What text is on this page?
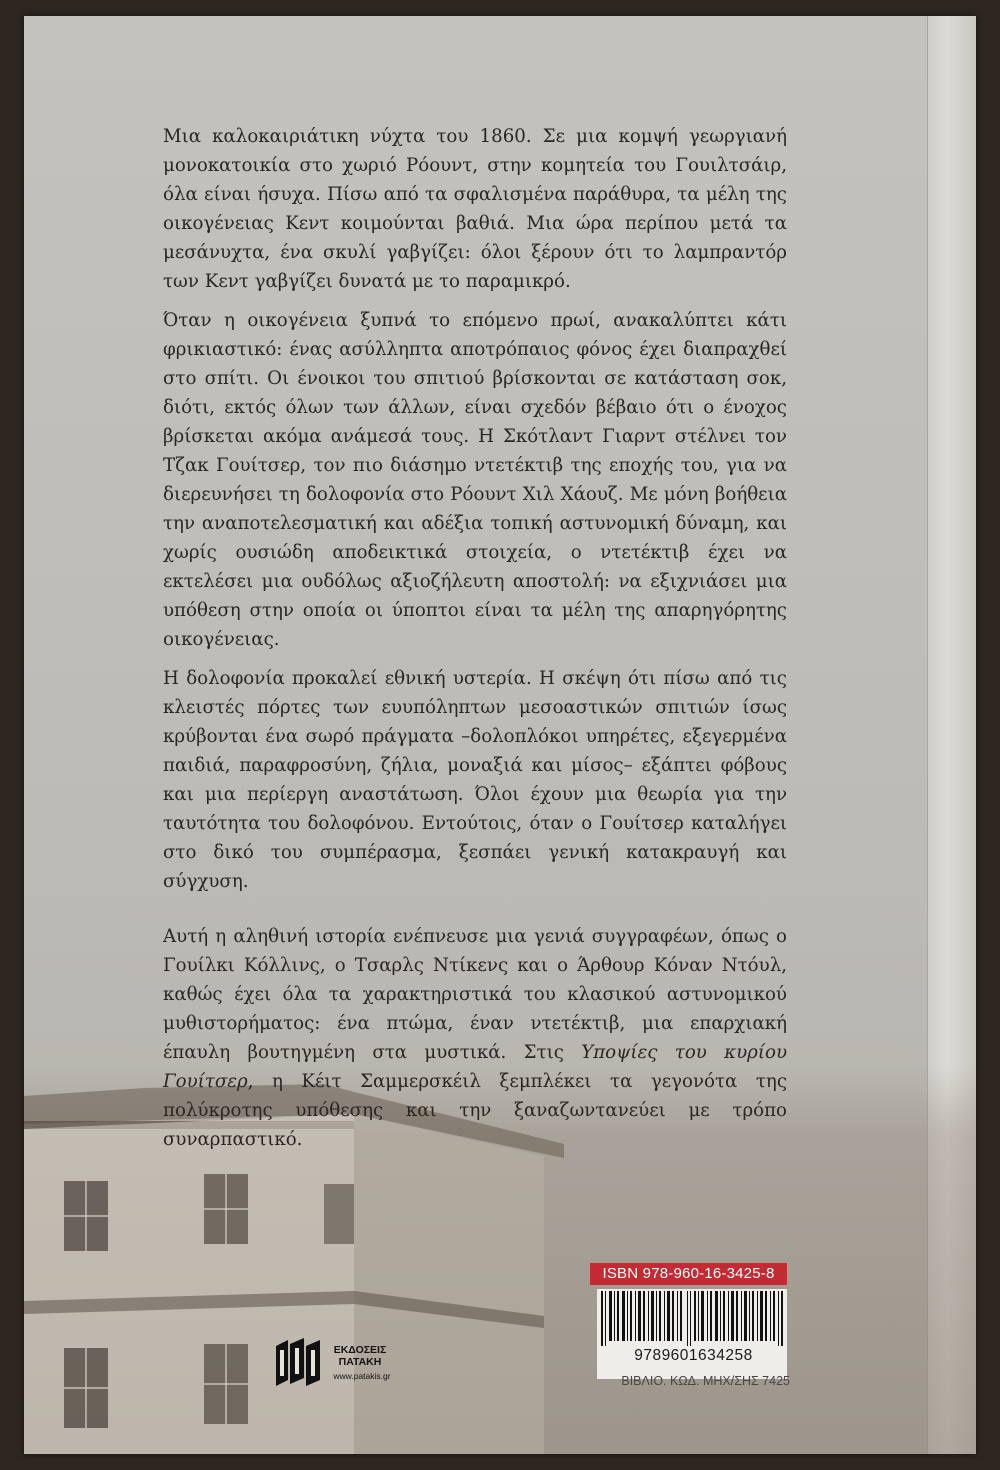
Μια καλοκαιριάτικη νύχτα του 1860. Σε μια κομψή γεωργιανή μονοκατοικία στο χωριό Ρόουντ, στην κομητεία του Γουιλτσάιρ, όλα είναι ήσυχα. Πίσω από τα σφαλισμένα παράθυρα, τα μέλη της οικογένειας Κεντ κοιμούνται βαθιά. Μια ώρα περίπου μετά τα μεσάνυχτα, ένα σκυλί γαβγίζει: όλοι ξέρουν ότι το λαμπραντόρ των Κεντ γαβγίζει δυνατά με το παραμικρό.

Όταν η οικογένεια ξυπνά το επόμενο πρωί, ανακαλύπτει κάτι φρικιαστικό: ένας ασύλληπτα αποτρόπαιος φόνος έχει διαπραχθεί στο σπίτι. Οι ένοικοι του σπιτιού βρίσκονται σε κατάσταση σοκ, διότι, εκτός όλων των άλλων, είναι σχεδόν βέβαιο ότι ο ένοχος βρίσκεται ακόμα ανάμεσά τους. Η Σκότλαντ Γιαρντ στέλνει τον Τζακ Γουίτσερ, τον πιο διάσημο ντετέκτιβ της εποχής του, για να διερευνήσει τη δολοφονία στο Ρόουντ Χιλ Χάουζ. Με μόνη βοήθεια την αναποτελεσματική και αδέξια τοπική αστυνομική δύναμη, και χωρίς ουσιώδη αποδεικτικά στοιχεία, ο ντετέκτιβ έχει να εκτελέσει μια ουδόλως αξιοζήλευτη αποστολή: να εξιχνιάσει μια υπόθεση στην οποία οι ύποπτοι είναι τα μέλη της απαρηγόρητης οικογένειας.

Η δολοφονία προκαλεί εθνική υστερία. Η σκέψη ότι πίσω από τις κλειστές πόρτες των ευυπόληπτων μεσοαστικών σπιτιών ίσως κρύβονται ένα σωρό πράγματα –δολοπλόκοι υπηρέτες, εξεγερμένα παιδιά, παραφροσύνη, ζήλια, μοναξιά και μίσος– εξάπτει φόβους και μια περίεργη αναστάτωση. Όλοι έχουν μια θεωρία για την ταυτότητα του δολοφόνου. Εντούτοις, όταν ο Γουίτσερ καταλήγει στο δικό του συμπέρασμα, ξεσπάει γενική κατακραυγή και σύγχυση.

Αυτή η αληθινή ιστορία ενέπνευσε μια γενιά συγγραφέων, όπως ο Γουίλκι Κόλλινς, ο Τσαρλς Ντίκενς και ο Άρθουρ Κόναν Ντόυλ, καθώς έχει όλα τα χαρακτηριστικά του κλασικού αστυνομικού μυθιστορήματος: ένα πτώμα, έναν ντετέκτιβ, μια επαρχιακή έπαυλη βουτηγμένη στα μυστικά. Στις Υποψίες του κυρίου Γουίτσερ, η Κέιτ Σαμμερσκέιλ ξεμπλέκει τα γεγονότα της πολύκροτης υπόθεσης και την ξαναζωντανεύει με τρόπο συναρπαστικό.

ΕΚΔΟΣΕΙΣ
ΠΑΤΑΚΗ
www.patakis.gr
ISBN 978-960-16-3425-8
9789601634258
ΒΙΒΛΙΟ. ΚΩΔ. ΜΗΧ/ΣΗΣ 7425
